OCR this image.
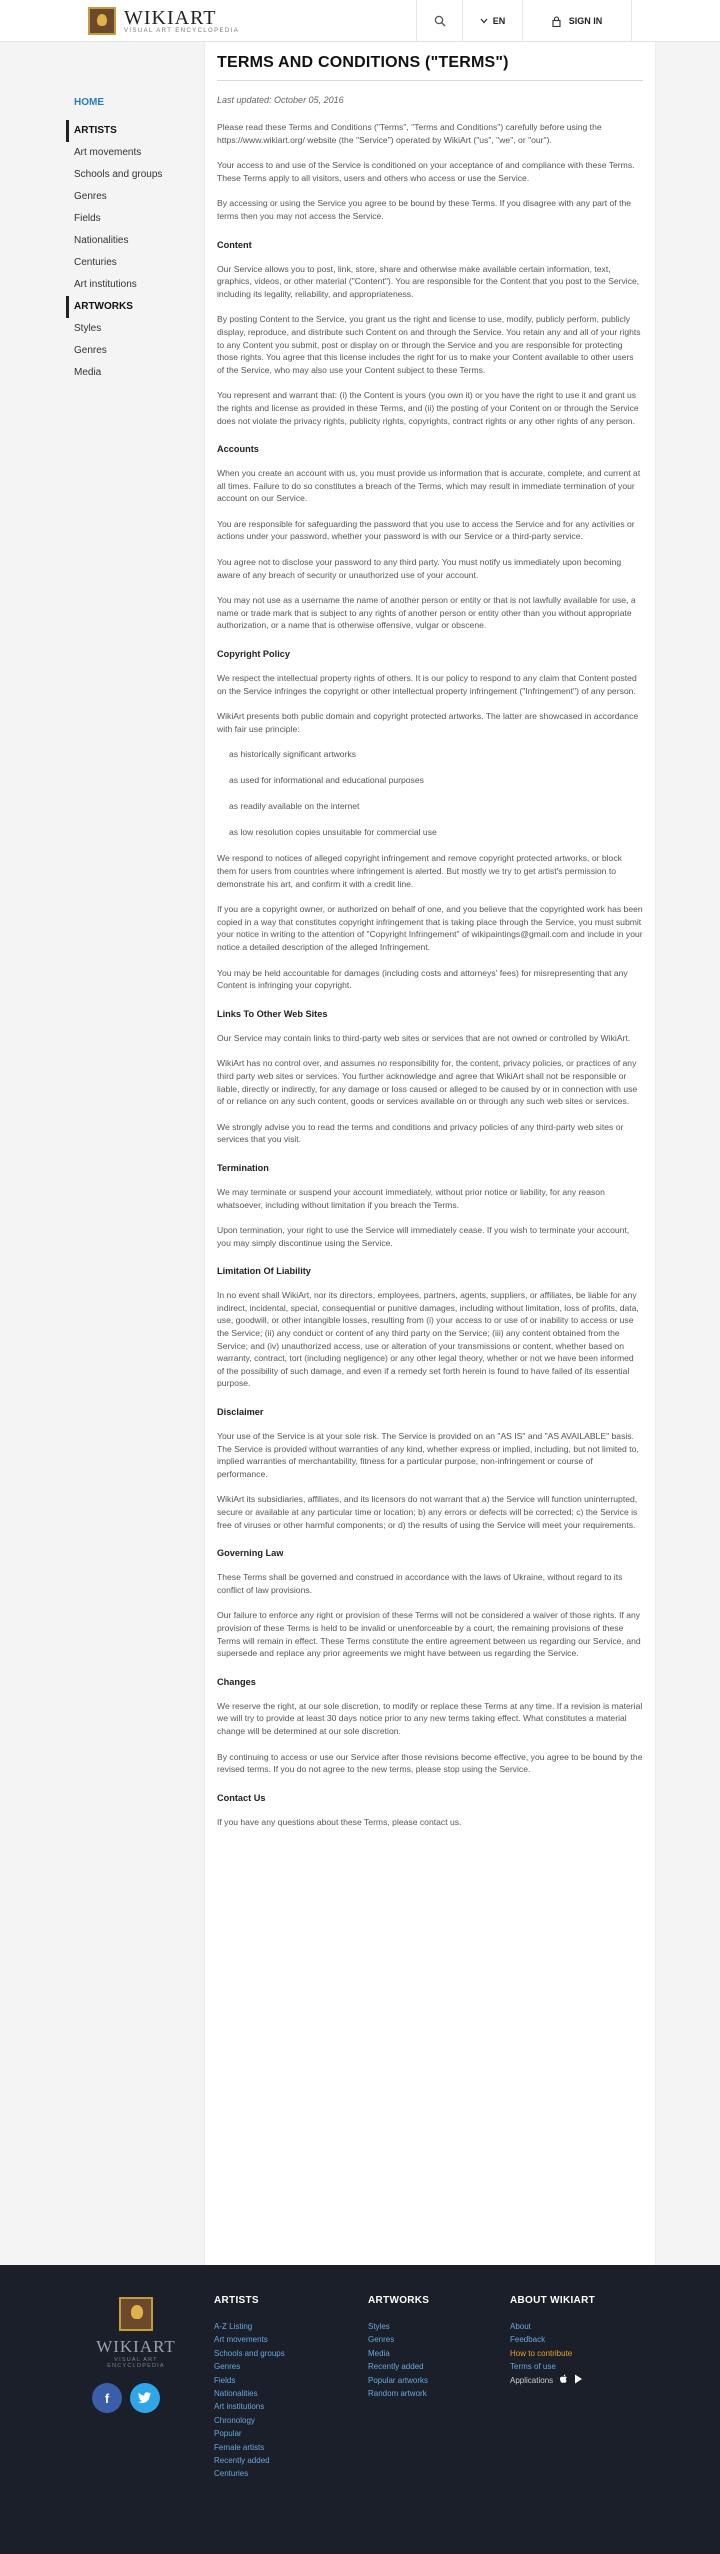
WIKIART
VISUAL ART ENCYCLOPEDIA
EN	SIGN IN
HOME
ARTISTS
Art movements
Schools and groups
Genres
Fields
Nationalities
Centuries
Art institutions
ARTWORKS
Styles
Genres
Media
TERMS AND CONDITIONS ("TERMS")
Last updated: October 05, 2016

Please read these Terms and Conditions ("Terms", "Terms and Conditions") carefully before using the https://www.wikiart.org/ website (the "Service") operated by WikiArt ("us", "we", or "our").

Your access to and use of the Service is conditioned on your acceptance of and compliance with these Terms. These Terms apply to all visitors, users and others who access or use the Service.

By accessing or using the Service you agree to be bound by these Terms. If you disagree with any part of the terms then you may not access the Service.

Content

Our Service allows you to post, link, store, share and otherwise make available certain information, text, graphics, videos, or other material ("Content"). You are responsible for the Content that you post to the Service, including its legality, reliability, and appropriateness.

By posting Content to the Service, you grant us the right and license to use, modify, publicly perform, publicly display, reproduce, and distribute such Content on and through the Service. You retain any and all of your rights to any Content you submit, post or display on or through the Service and you are responsible for protecting those rights. You agree that this license includes the right for us to make your Content available to other users of the Service, who may also use your Content subject to these Terms.

You represent and warrant that: (i) the Content is yours (you own it) or you have the right to use it and grant us the rights and license as provided in these Terms, and (ii) the posting of your Content on or through the Service does not violate the privacy rights, publicity rights, copyrights, contract rights or any other rights of any person.

Accounts

When you create an account with us, you must provide us information that is accurate, complete, and current at all times. Failure to do so constitutes a breach of the Terms, which may result in immediate termination of your account on our Service.

You are responsible for safeguarding the password that you use to access the Service and for any activities or actions under your password, whether your password is with our Service or a third-party service.

You agree not to disclose your password to any third party. You must notify us immediately upon becoming aware of any breach of security or unauthorized use of your account.

You may not use as a username the name of another person or entity or that is not lawfully available for use, a name or trade mark that is subject to any rights of another person or entity other than you without appropriate authorization, or a name that is otherwise offensive, vulgar or obscene.

Copyright Policy

We respect the intellectual property rights of others. It is our policy to respond to any claim that Content posted on the Service infringes the copyright or other intellectual property infringement ("Infringement") of any person.

WikiArt presents both public domain and copyright protected artworks. The latter are showcased in accordance with fair use principle:

as historically significant artworks
as used for informational and educational purposes
as readily available on the internet
as low resolution copies unsuitable for commercial use

We respond to notices of alleged copyright infringement and remove copyright protected artworks, or block them for users from countries where infringement is alerted. But mostly we try to get artist's permission to demonstrate his art, and confirm it with a credit line.

If you are a copyright owner, or authorized on behalf of one, and you believe that the copyrighted work has been copied in a way that constitutes copyright infringement that is taking place through the Service, you must submit your notice in writing to the attention of "Copyright Infringement" of wikipaintings@gmail.com and include in your notice a detailed description of the alleged Infringement.

You may be held accountable for damages (including costs and attorneys' fees) for misrepresenting that any Content is infringing your copyright.

Links To Other Web Sites

Our Service may contain links to third-party web sites or services that are not owned or controlled by WikiArt.

WikiArt has no control over, and assumes no responsibility for, the content, privacy policies, or practices of any third party web sites or services. You further acknowledge and agree that WikiArt shall not be responsible or liable, directly or indirectly, for any damage or loss caused or alleged to be caused by or in connection with use of or reliance on any such content, goods or services available on or through any such web sites or services.

We strongly advise you to read the terms and conditions and privacy policies of any third-party web sites or services that you visit.

Termination

We may terminate or suspend your account immediately, without prior notice or liability, for any reason whatsoever, including without limitation if you breach the Terms.

Upon termination, your right to use the Service will immediately cease. If you wish to terminate your account, you may simply discontinue using the Service.

Limitation Of Liability

In no event shall WikiArt, nor its directors, employees, partners, agents, suppliers, or affiliates, be liable for any indirect, incidental, special, consequential or punitive damages, including without limitation, loss of profits, data, use, goodwill, or other intangible losses, resulting from (i) your access to or use of or inability to access or use the Service; (ii) any conduct or content of any third party on the Service; (iii) any content obtained from the Service; and (iv) unauthorized access, use or alteration of your transmissions or content, whether based on warranty, contract, tort (including negligence) or any other legal theory, whether or not we have been informed of the possibility of such damage, and even if a remedy set forth herein is found to have failed of its essential purpose.

Disclaimer

Your use of the Service is at your sole risk. The Service is provided on an "AS IS" and "AS AVAILABLE" basis. The Service is provided without warranties of any kind, whether express or implied, including, but not limited to, implied warranties of merchantability, fitness for a particular purpose, non-infringement or course of performance.

WikiArt its subsidiaries, affiliates, and its licensors do not warrant that a) the Service will function uninterrupted, secure or available at any particular time or location; b) any errors or defects will be corrected; c) the Service is free of viruses or other harmful components; or d) the results of using the Service will meet your requirements.

Governing Law

These Terms shall be governed and construed in accordance with the laws of Ukraine, without regard to its conflict of law provisions.

Our failure to enforce any right or provision of these Terms will not be considered a waiver of those rights. If any provision of these Terms is held to be invalid or unenforceable by a court, the remaining provisions of these Terms will remain in effect. These Terms constitute the entire agreement between us regarding our Service, and supersede and replace any prior agreements we might have between us regarding the Service.

Changes

We reserve the right, at our sole discretion, to modify or replace these Terms at any time. If a revision is material we will try to provide at least 30 days notice prior to any new terms taking effect. What constitutes a material change will be determined at our sole discretion.

By continuing to access or use our Service after those revisions become effective, you agree to be bound by the revised terms. If you do not agree to the new terms, please stop using the Service.

Contact Us

If you have any questions about these Terms, please contact us.

WIKIART
VISUAL ART ENCYCLOPEDIA
f
ARTISTS
A-Z Listing
Art movements
Schools and groups
Genres
Fields
Nationalities
Art institutions
Chronology
Popular
Female artists
Recently added
Centuries
ARTWORKS
Styles
Genres
Media
Recently added
Popular artworks
Random artwork
ABOUT WIKIART
About
Feedback
How to contribute
Terms of use
Applications
